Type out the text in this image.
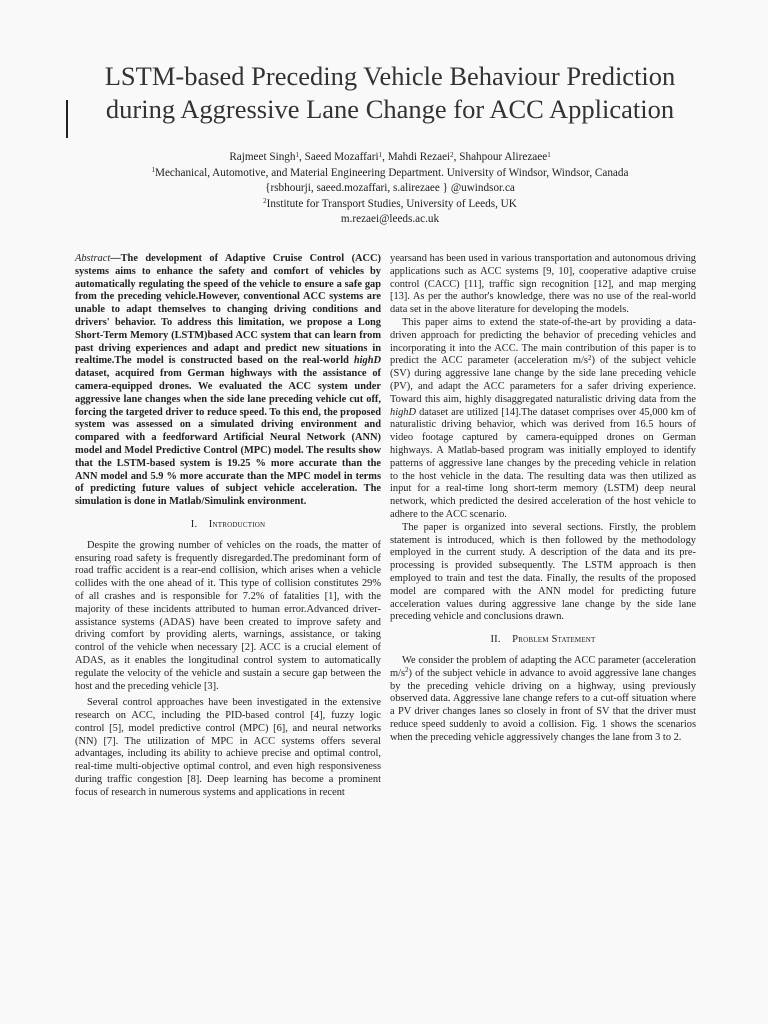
LSTM-based Preceding Vehicle Behaviour Prediction
during Aggressive Lane Change for ACC Application
Rajmeet Singh$^1$, Saeed Mozaffari$^1$, Mahdi Rezaei$^2$, Shahpour Alirezaee$^1$
$^1$Mechanical, Automotive, and Material Engineering Department. University of Windsor, Windsor, Canada
{rsbhourji, saeed.mozaffari, s.alirezaee } @uwindsor.ca
$^2$Institute for Transport Studies, University of Leeds, UK
m.rezaei@leeds.ac.uk

Abstract—The development of Adaptive Cruise Control (ACC) systems aims to enhance the safety and comfort of vehicles by automatically regulating the speed of the vehicle to ensure a safe gap from the preceding vehicle.However, conventional ACC systems are unable to adapt themselves to changing driving conditions and drivers' behavior. To address this limitation, we propose a Long Short-Term Memory (LSTM)based ACC system that can learn from past driving experiences and adapt and predict new situations in realtime.The model is constructed based on the real-world highD dataset, acquired from German highways with the assistance of camera-equipped drones. We evaluated the ACC system under aggressive lane changes when the side lane preceding vehicle cut off, forcing the targeted driver to reduce speed. To this end, the proposed system was assessed on a simulated driving environment and compared with a feedforward Artificial Neural Network (ANN) model and Model Predictive Control (MPC) model. The results show that the LSTM-based system is 19.25 % more accurate than the ANN model and 5.9 % more accurate than the MPC model in terms of predicting future values of subject vehicle acceleration. The simulation is done in Matlab/Simulink environment.

I. Introduction

Despite the growing number of vehicles on the roads, the matter of ensuring road safety is frequently disregarded.The predominant form of road traffic accident is a rear-end collision, which arises when a vehicle collides with the one ahead of it. This type of collision constitutes 29% of all crashes and is responsible for 7.2% of fatalities [1], with the majority of these incidents attributed to human error.Advanced driver-assistance systems (ADAS) have been created to improve safety and driving comfort by providing alerts, warnings, assistance, or taking control of the vehicle when necessary [2]. ACC is a crucial element of ADAS, as it enables the longitudinal control system to automatically regulate the velocity of the vehicle and sustain a secure gap between the host and the preceding vehicle [3].

Several control approaches have been investigated in the extensive research on ACC, including the PID-based control [4], fuzzy logic control [5], model predictive control (MPC) [6], and neural networks (NN) [7]. The utilization of MPC in ACC systems offers several advantages, including its ability to achieve precise and optimal control, real-time multi-objective optimal control, and even high responsiveness during traffic congestion [8]. Deep learning has become a prominent focus of research in numerous systems and applications in recent

yearsand has been used in various transportation and autonomous driving applications such as ACC systems [9, 10], cooperative adaptive cruise control (CACC) [11], traffic sign recognition [12], and map merging [13]. As per the author's knowledge, there was no use of the real-world data set in the above literature for developing the models.

This paper aims to extend the state-of-the-art by providing a data-driven approach for predicting the behavior of preceding vehicles and incorporating it into the ACC. The main contribution of this paper is to predict the ACC parameter (acceleration $m/s^2$) of the subject vehicle (SV) during aggressive lane change by the side lane preceding vehicle (PV), and adapt the ACC parameters for a safer driving experience. Toward this aim, highly disaggregated naturalistic driving data from the highD dataset are utilized [14].The dataset comprises over 45,000 km of naturalistic driving behavior, which was derived from 16.5 hours of video footage captured by camera-equipped drones on German highways. A Matlab-based program was initially employed to identify patterns of aggressive lane changes by the preceding vehicle in relation to the host vehicle in the data. The resulting data was then utilized as input for a real-time long short-term memory (LSTM) deep neural network, which predicted the desired acceleration of the host vehicle to adhere to the ACC scenario.

The paper is organized into several sections. Firstly, the problem statement is introduced, which is then followed by the methodology employed in the current study. A description of the data and its pre-processing is provided subsequently. The LSTM approach is then employed to train and test the data. Finally, the results of the proposed model are compared with the ANN model for predicting future acceleration values during aggressive lane change by the side lane preceding vehicle and conclusions drawn.

II. Problem Statement

We consider the problem of adapting the ACC parameter (acceleration $m/s^2$) of the subject vehicle in advance to avoid aggressive lane changes by the preceding vehicle driving on a highway, using previously observed data. Aggressive lane change refers to a cut-off situation where a PV driver changes lanes so closely in front of SV that the driver must reduce speed suddenly to avoid a collision. Fig. 1 shows the scenarios when the preceding vehicle aggressively changes the lane from 3 to 2.
